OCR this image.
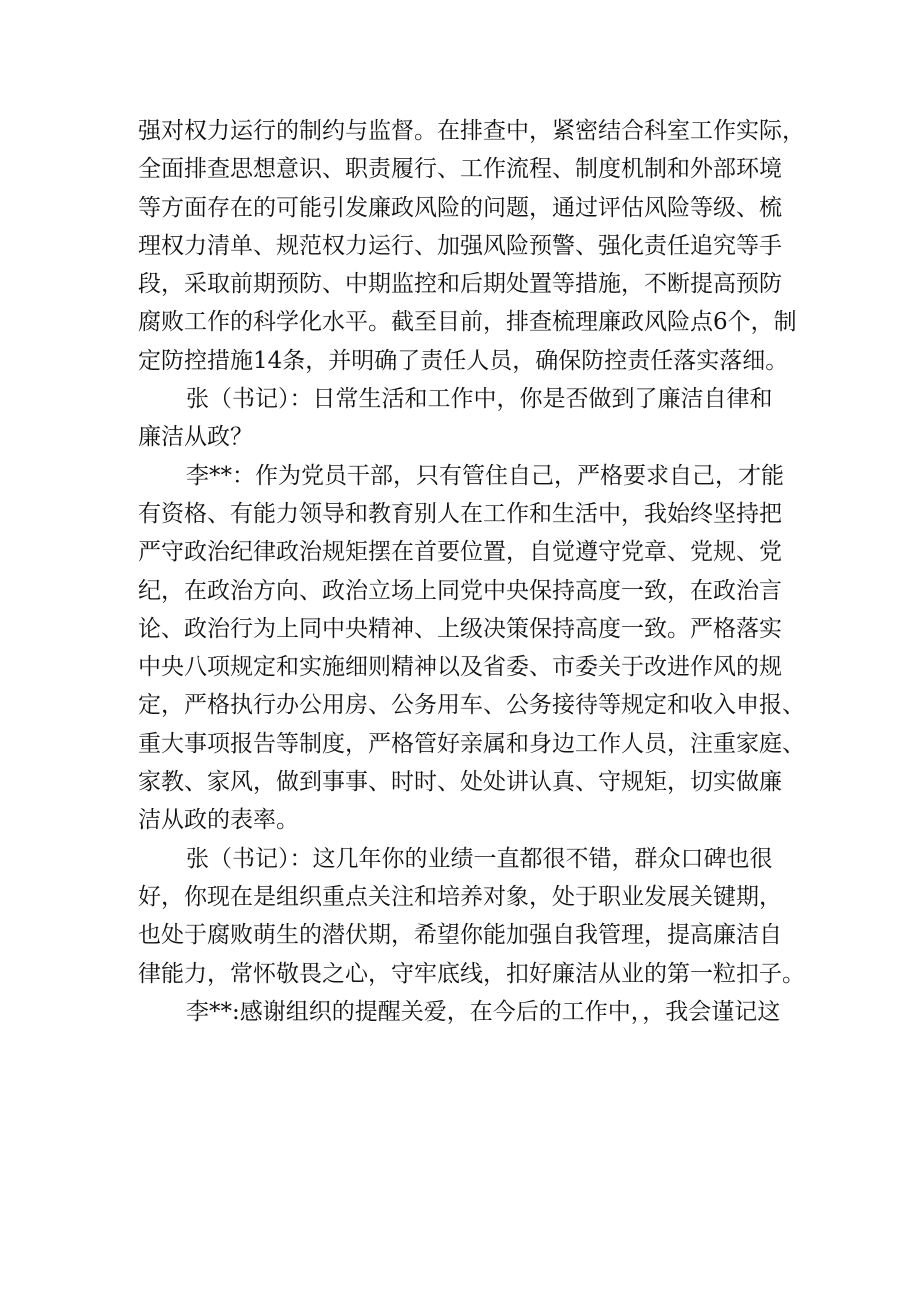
强对权力运行的制约与监督。在排查中，紧密结合科室工作实际，
全面排查思想意识、职责履行、工作流程、制度机制和外部环境
等方面存在的可能引发廉政风险的问题，通过评估风险等级、梳
理权力清单、规范权力运行、加强风险预警、强化责任追究等手
段，采取前期预防、中期监控和后期处置等措施，不断提高预防
腐败工作的科学化水平。截至目前，排查梳理廉政风险点6个，制
定防控措施14条，并明确了责任人员，确保防控责任落实落细。
张（书记）：日常生活和工作中，你是否做到了廉洁自律和
廉洁从政？
李**：作为党员干部，只有管住自己，严格要求自己，才能
有资格、有能力领导和教育别人在工作和生活中，我始终坚持把
严守政治纪律政治规矩摆在首要位置，自觉遵守党章、党规、党
纪，在政治方向、政治立场上同党中央保持高度一致，在政治言
论、政治行为上同中央精神、上级决策保持高度一致。严格落实
中央八项规定和实施细则精神以及省委、市委关于改进作风的规
定，严格执行办公用房、公务用车、公务接待等规定和收入申报、
重大事项报告等制度，严格管好亲属和身边工作人员，注重家庭、
家教、家风，做到事事、时时、处处讲认真、守规矩，切实做廉
洁从政的表率。
张（书记）：这几年你的业绩一直都很不错，群众口碑也很
好，你现在是组织重点关注和培养对象，处于职业发展关键期，
也处于腐败萌生的潜伏期，希望你能加强自我管理，提高廉洁自
律能力，常怀敬畏之心，守牢底线，扣好廉洁从业的第一粒扣子。
李**:感谢组织的提醒关爱，在今后的工作中，，我会谨记这
